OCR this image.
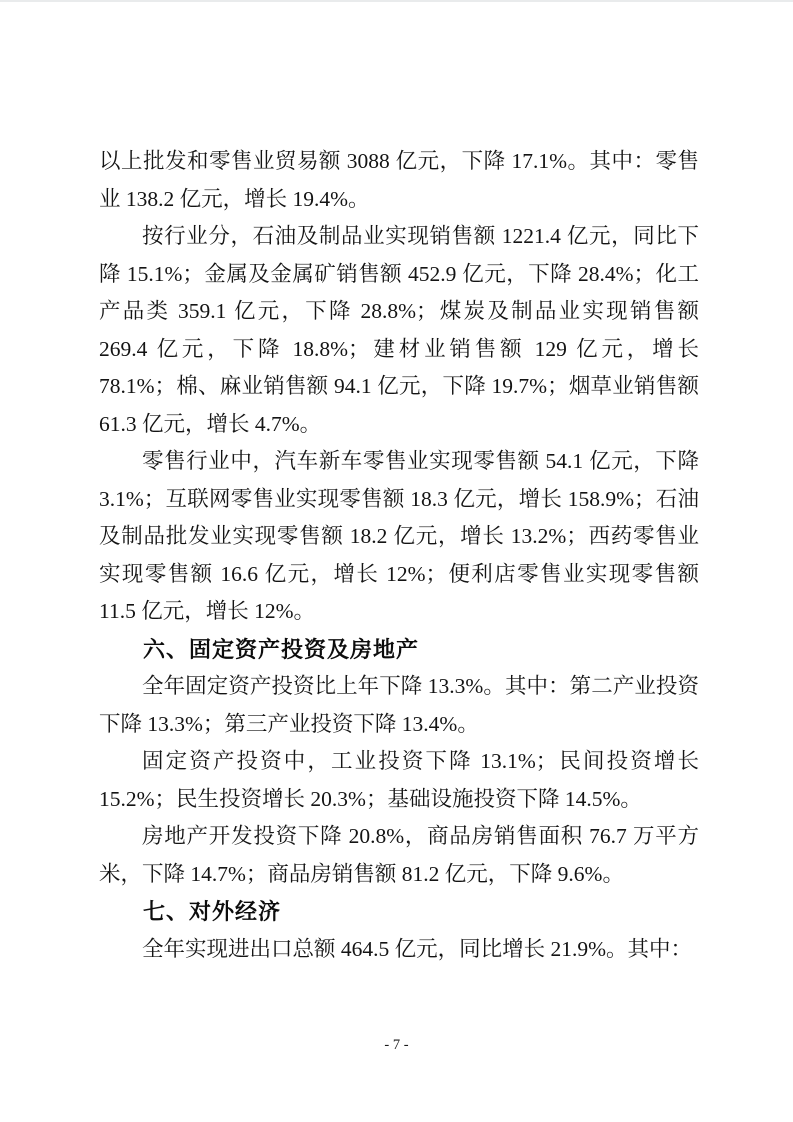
以上批发和零售业贸易额 3088 亿元，下降 17.1%。其中：零售业 138.2 亿元，增长 19.4%。

按行业分，石油及制品业实现销售额 1221.4 亿元，同比下降 15.1%；金属及金属矿销售额 452.9 亿元，下降 28.4%；化工产品类 359.1 亿元，下降 28.8%；煤炭及制品业实现销售额 269.4 亿元，下降 18.8%；建材业销售额 129 亿元，增长 78.1%；棉、麻业销售额 94.1 亿元，下降 19.7%；烟草业销售额 61.3 亿元，增长 4.7%。

零售行业中，汽车新车零售业实现零售额 54.1 亿元，下降 3.1%；互联网零售业实现零售额 18.3 亿元，增长 158.9%；石油及制品批发业实现零售额 18.2 亿元，增长 13.2%；西药零售业实现零售额 16.6 亿元，增长 12%；便利店零售业实现零售额 11.5 亿元，增长 12%。

六、固定资产投资及房地产

全年固定资产投资比上年下降 13.3%。其中：第二产业投资下降 13.3%；第三产业投资下降 13.4%。

固定资产投资中，工业投资下降 13.1%；民间投资增长 15.2%；民生投资增长 20.3%；基础设施投资下降 14.5%。

房地产开发投资下降 20.8%，商品房销售面积 76.7 万平方米，下降 14.7%；商品房销售额 81.2 亿元，下降 9.6%。

七、对外经济

全年实现进出口总额 464.5 亿元，同比增长 21.9%。其中：

- 7 -
